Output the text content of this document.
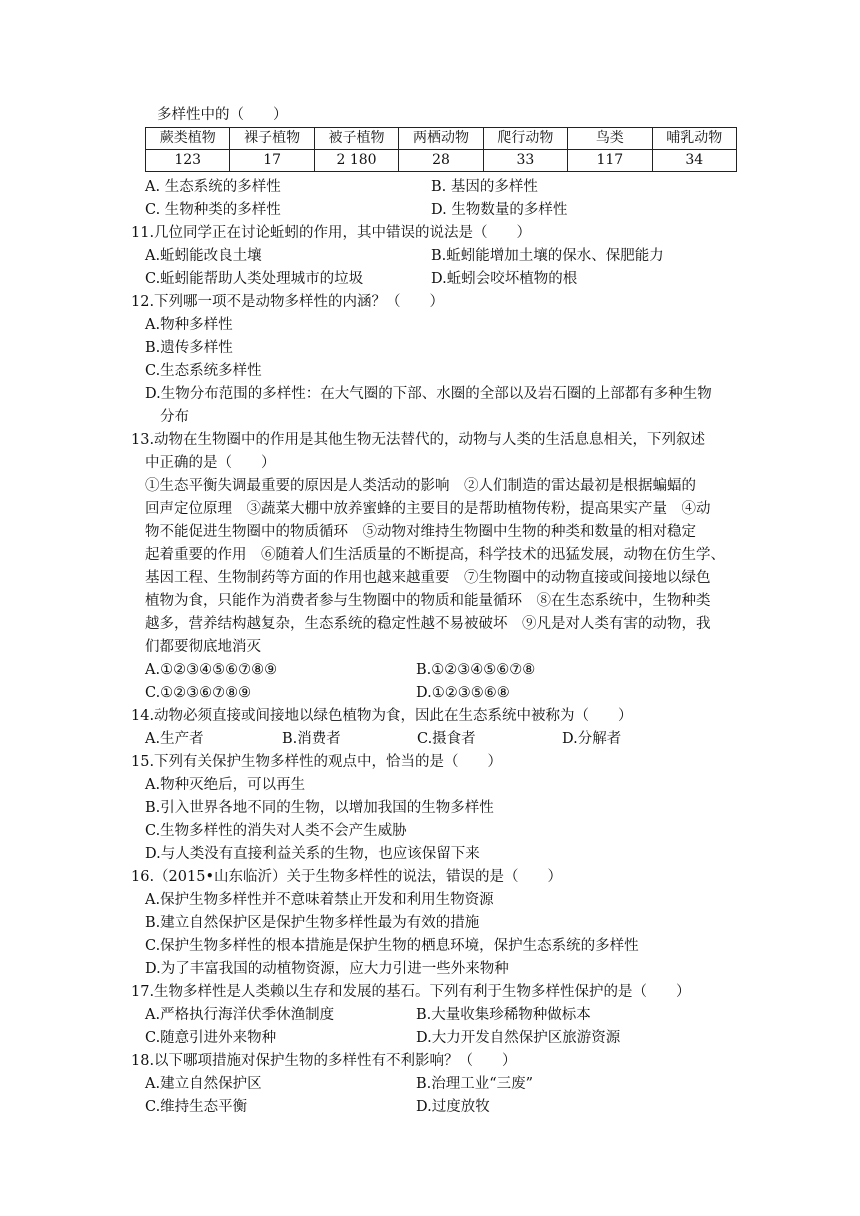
多样性中的（　　）
蕨类植物	裸子植物	被子植物	两栖动物	爬行动物	鸟类	哺乳动物
123	17	2 180	28	33	117	34
A. 生态系统的多样性	B. 基因的多样性
C. 生物种类的多样性	D. 生物数量的多样性
11.几位同学正在讨论蚯蚓的作用，其中错误的说法是（　　）
A.蚯蚓能改良土壤	B.蚯蚓能增加土壤的保水、保肥能力
C.蚯蚓能帮助人类处理城市的垃圾	D.蚯蚓会咬坏植物的根
12.下列哪一项不是动物多样性的内涵？（　　）
A.物种多样性
B.遗传多样性
C.生态系统多样性
D.生物分布范围的多样性：在大气圈的下部、水圈的全部以及岩石圈的上部都有多种生物
分布
13.动物在生物圈中的作用是其他生物无法替代的，动物与人类的生活息息相关，下列叙述
中正确的是（　　）
①生态平衡失调最重要的原因是人类活动的影响　②人们制造的雷达最初是根据蝙蝠的
回声定位原理　③蔬菜大棚中放养蜜蜂的主要目的是帮助植物传粉，提高果实产量　④动
物不能促进生物圈中的物质循环　⑤动物对维持生物圈中生物的种类和数量的相对稳定
起着重要的作用　⑥随着人们生活质量的不断提高，科学技术的迅猛发展，动物在仿生学、
基因工程、生物制药等方面的作用也越来越重要　⑦生物圈中的动物直接或间接地以绿色
植物为食，只能作为消费者参与生物圈中的物质和能量循环　⑧在生态系统中，生物种类
越多，营养结构越复杂，生态系统的稳定性越不易被破坏　⑨凡是对人类有害的动物，我
们都要彻底地消灭
A.①②③④⑤⑥⑦⑧⑨	B.①②③④⑤⑥⑦⑧
C.①②③⑥⑦⑧⑨	D.①②③⑤⑥⑧
14.动物必须直接或间接地以绿色植物为食，因此在生态系统中被称为（　　）
A.生产者	B.消费者	C.摄食者	D.分解者
15.下列有关保护生物多样性的观点中，恰当的是（　　）
A.物种灭绝后，可以再生
B.引入世界各地不同的生物，以增加我国的生物多样性
C.生物多样性的消失对人类不会产生威胁
D.与人类没有直接利益关系的生物，也应该保留下来
16.（2015•山东临沂）关于生物多样性的说法，错误的是（　　）
A.保护生物多样性并不意味着禁止开发和利用生物资源
B.建立自然保护区是保护生物多样性最为有效的措施
C.保护生物多样性的根本措施是保护生物的栖息环境，保护生态系统的多样性
D.为了丰富我国的动植物资源，应大力引进一些外来物种
17.生物多样性是人类赖以生存和发展的基石。下列有利于生物多样性保护的是（　　）
A.严格执行海洋伏季休渔制度	B.大量收集珍稀物种做标本
C.随意引进外来物种	D.大力开发自然保护区旅游资源
18.以下哪项措施对保护生物的多样性有不利影响？（　　）
A.建立自然保护区	B.治理工业“三废”
C.维持生态平衡	D.过度放牧
